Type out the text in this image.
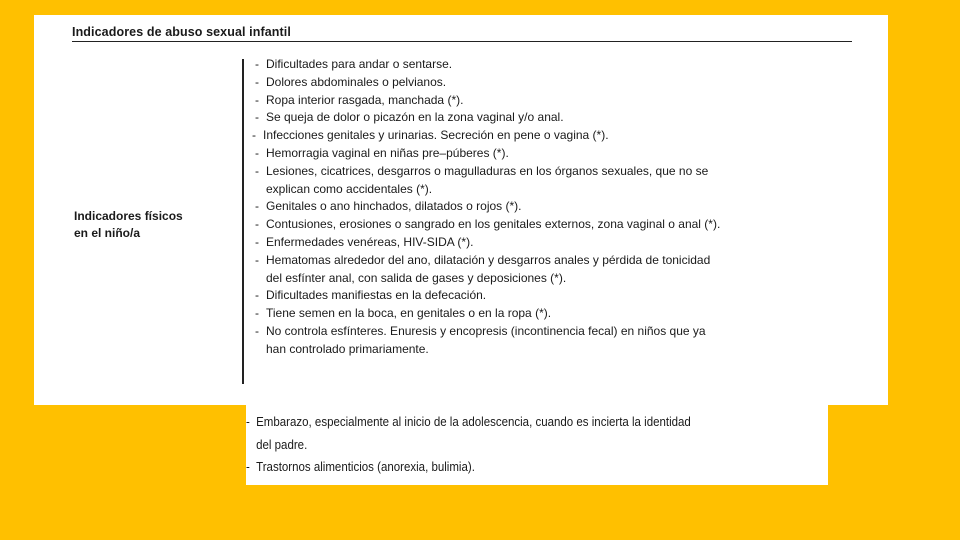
Indicadores de abuso sexual infantil
Indicadores físicos
en el niño/a
- Dificultades para andar o sentarse.
- Dolores abdominales o pelvianos.
- Ropa interior rasgada, manchada (*).
- Se queja de dolor o picazón en la zona vaginal y/o anal.
- Infecciones genitales y urinarias. Secreción en pene o vagina (*).
- Hemorragia vaginal en niñas pre–púberes (*).
- Lesiones, cicatrices, desgarros o magulladuras en los órganos sexuales, que no se
explican como accidentales (*).
- Genitales o ano hinchados, dilatados o rojos (*).
- Contusiones, erosiones o sangrado en los genitales externos, zona vaginal o anal (*).
- Enfermedades venéreas, HIV-SIDA (*).
- Hematomas alrededor del ano, dilatación y desgarros anales y pérdida de tonicidad
del esfínter anal, con salida de gases y deposiciones (*).
- Dificultades manifiestas en la defecación.
- Tiene semen en la boca, en genitales o en la ropa (*).
- No controla esfínteres. Enuresis y encopresis (incontinencia fecal) en niños que ya
han controlado primariamente.
- Embarazo, especialmente al inicio de la adolescencia, cuando es incierta la identidad
del padre.
- Trastornos alimenticios (anorexia, bulimia).
